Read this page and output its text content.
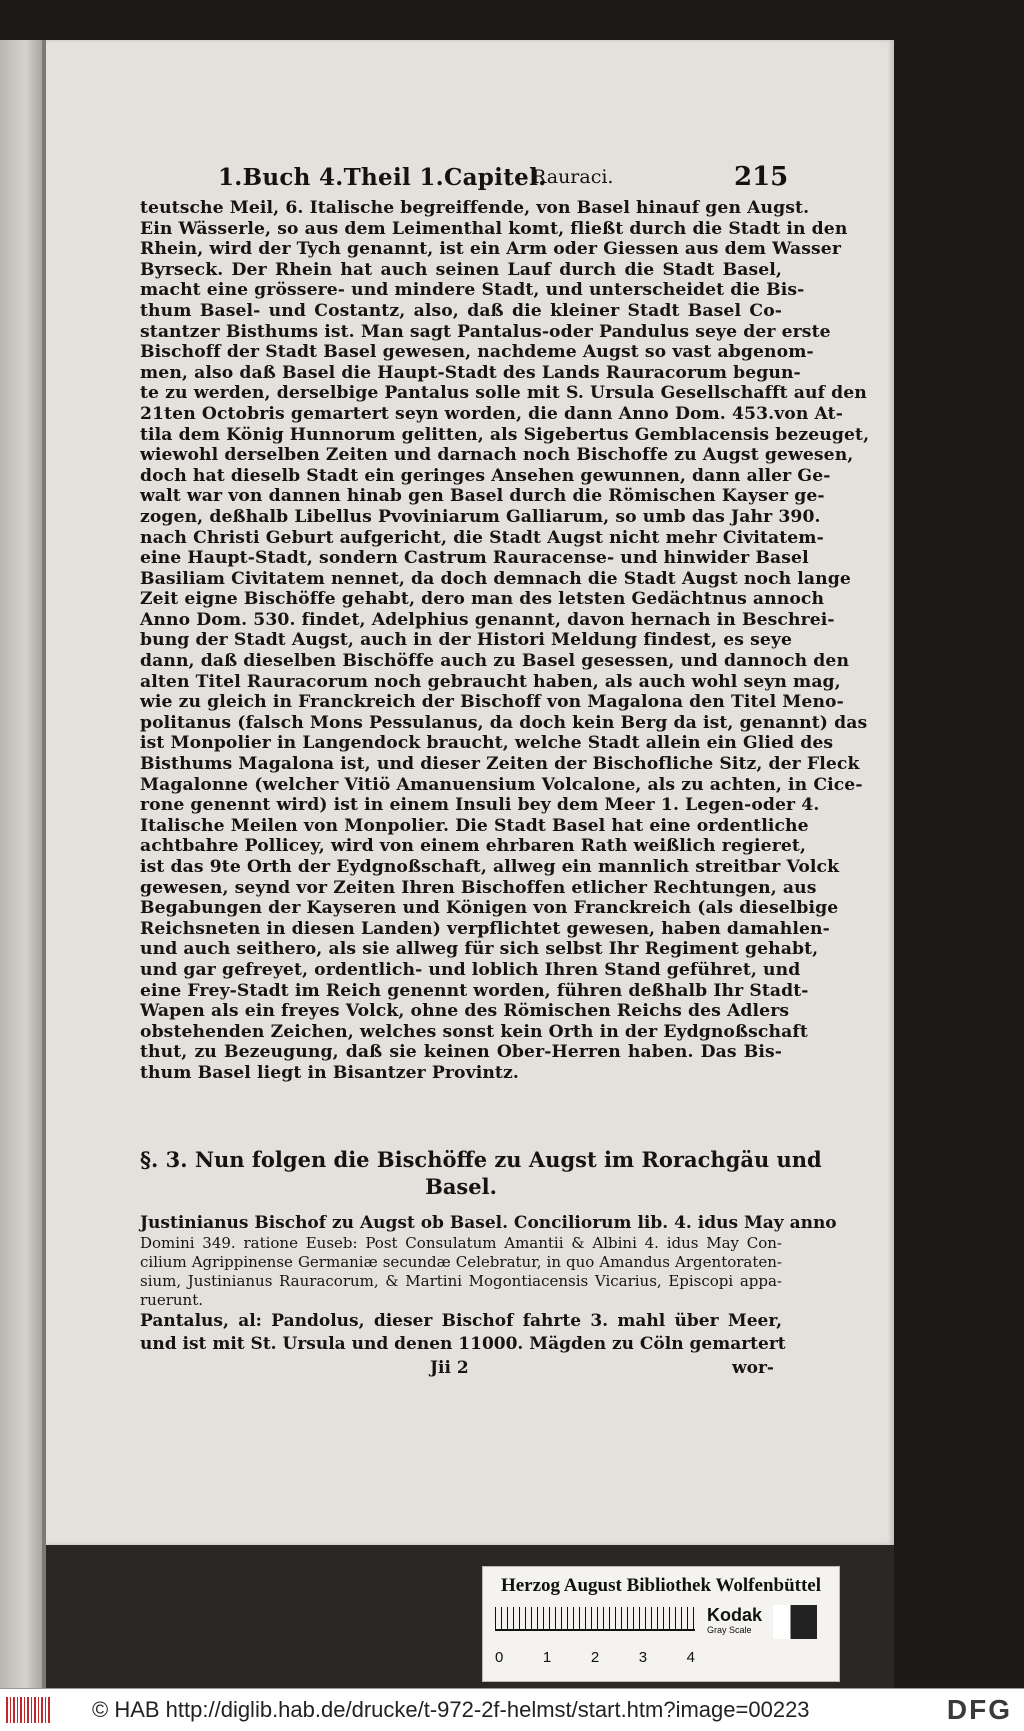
1.Buch 4.Theil 1.Capitel.
Rauraci.	215
teutsche Meil, 6. Italische begreiffende, von Basel hinauf gen Augst.
Ein Wässerle, so aus dem Leimenthal komt, fließt durch die Stadt in den
Rhein, wird der Tych genannt, ist ein Arm oder Giessen aus dem Wasser
Byrseck. Der Rhein hat auch seinen Lauf durch die Stadt Basel,
macht eine grössere- und mindere Stadt, und unterscheidet die Bis-
thum Basel- und Costantz, also, daß die kleiner Stadt Basel Co-
stantzer Bisthums ist. Man sagt Pantalus-oder Pandulus seye der erste
Bischoff der Stadt Basel gewesen, nachdeme Augst so vast abgenom-
men, also daß Basel die Haupt-Stadt des Lands Rauracorum begun-
te zu werden, derselbige Pantalus solle mit S. Ursula Gesellschafft auf den
21ten Octobris gemartert seyn worden, die dann Anno Dom. 453.von At-
tila dem König Hunnorum gelitten, als Sigebertus Gemblacensis bezeuget,
wiewohl derselben Zeiten und darnach noch Bischoffe zu Augst gewesen,
doch hat dieselb Stadt ein geringes Ansehen gewunnen, dann aller Ge-
walt war von dannen hinab gen Basel durch die Römischen Kayser ge-
zogen, deßhalb Libellus Pvoviniarum Galliarum, so umb das Jahr 390.
nach Christi Geburt aufgericht, die Stadt Augst nicht mehr Civitatem-
eine Haupt-Stadt, sondern Castrum Rauracense- und hinwider Basel
Basiliam Civitatem nennet, da doch demnach die Stadt Augst noch lange
Zeit eigne Bischöffe gehabt, dero man des letsten Gedächtnus annoch
Anno Dom. 530. findet, Adelphius genannt, davon hernach in Beschrei-
bung der Stadt Augst, auch in der Histori Meldung findest, es seye
dann, daß dieselben Bischöffe auch zu Basel gesessen, und dannoch den
alten Titel Rauracorum noch gebraucht haben, als auch wohl seyn mag,
wie zu gleich in Franckreich der Bischoff von Magalona den Titel Meno-
politanus (falsch Mons Pessulanus, da doch kein Berg da ist, genannt) das
ist Monpolier in Langendock braucht, welche Stadt allein ein Glied des
Bisthums Magalona ist, und dieser Zeiten der Bischofliche Sitz, der Fleck
Magalonne (welcher Vitiö Amanuensium Volcalone, als zu achten, in Cice-
rone genennt wird) ist in einem Insuli bey dem Meer 1. Legen-oder 4.
Italische Meilen von Monpolier. Die Stadt Basel hat eine ordentliche
achtbahre Pollicey, wird von einem ehrbaren Rath weißlich regieret,
ist das 9te Orth der Eydgnoßschaft, allweg ein mannlich streitbar Volck
gewesen, seynd vor Zeiten Ihren Bischoffen etlicher Rechtungen, aus
Begabungen der Kayseren und Königen von Franckreich (als dieselbige
Reichsneten in diesen Landen) verpflichtet gewesen, haben damahlen-
und auch seithero, als sie allweg für sich selbst Ihr Regiment gehabt,
und gar gefreyet, ordentlich- und loblich Ihren Stand geführet, und
eine Frey-Stadt im Reich genennt worden, führen deßhalb Ihr Stadt-
Wapen als ein freyes Volck, ohne des Römischen Reichs des Adlers
obstehenden Zeichen, welches sonst kein Orth in der Eydgnoßschaft
thut, zu Bezeugung, daß sie keinen Ober-Herren haben. Das Bis-
thum Basel liegt in Bisantzer Provintz.
§. 3. Nun folgen die Bischöffe zu Augst im Rorachgäu und
Basel.
Justinianus Bischof zu Augst ob Basel. Conciliorum lib. 4. idus May anno
Domini 349. ratione Euseb: Post Consulatum Amantii & Albini 4. idus May Con-
cilium Agrippinense Germaniæ secundæ Celebratur, in quo Amandus Argentoraten-
sium, Justinianus Rauracorum, & Martini Mogontiacensis Vicarius, Episcopi appa-
ruerunt.
Pantalus, al: Pandolus, dieser Bischof fahrte 3. mahl über Meer,
und ist mit St. Ursula und denen 11000. Mägden zu Cöln gemartert
Jii 2	wor-
Herzog August Bibliothek Wolfenbüttel
0	1	2	3	4
Kodak
Gray Scale
© HAB http://diglib.hab.de/drucke/t-972-2f-helmst/start.htm?image=00223	DFG
